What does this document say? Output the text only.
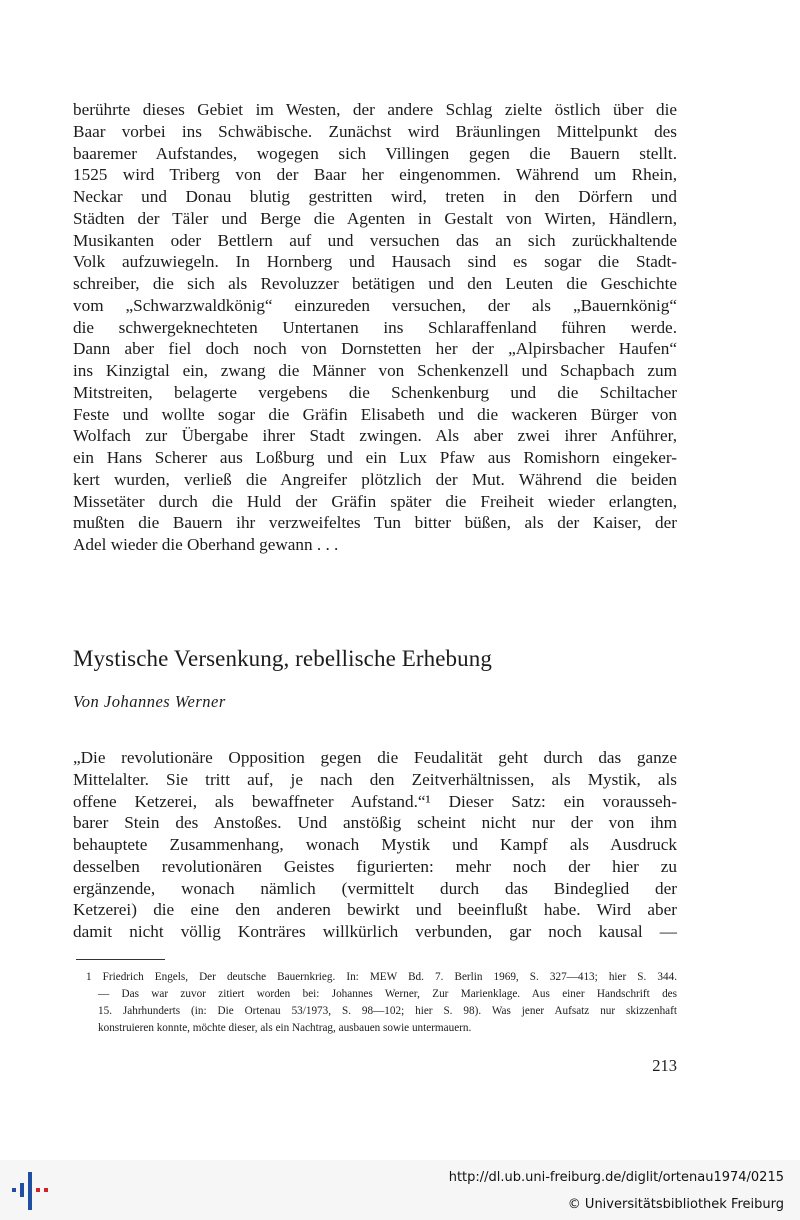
berührte dieses Gebiet im Westen, der andere Schlag zielte östlich über die
Baar vorbei ins Schwäbische. Zunächst wird Bräunlingen Mittelpunkt des
baaremer Aufstandes, wogegen sich Villingen gegen die Bauern stellt.
1525 wird Triberg von der Baar her eingenommen. Während um Rhein,
Neckar und Donau blutig gestritten wird, treten in den Dörfern und
Städten der Täler und Berge die Agenten in Gestalt von Wirten, Händlern,
Musikanten oder Bettlern auf und versuchen das an sich zurückhaltende
Volk aufzuwiegeln. In Hornberg und Hausach sind es sogar die Stadt-
schreiber, die sich als Revoluzzer betätigen und den Leuten die Geschichte
vom „Schwarzwaldkönig“ einzureden versuchen, der als „Bauernkönig“
die schwergeknechteten Untertanen ins Schlaraffenland führen werde.
Dann aber fiel doch noch von Dornstetten her der „Alpirsbacher Haufen“
ins Kinzigtal ein, zwang die Männer von Schenkenzell und Schapbach zum
Mitstreiten, belagerte vergebens die Schenkenburg und die Schiltacher
Feste und wollte sogar die Gräfin Elisabeth und die wackeren Bürger von
Wolfach zur Übergabe ihrer Stadt zwingen. Als aber zwei ihrer Anführer,
ein Hans Scherer aus Loßburg und ein Lux Pfaw aus Romishorn eingeker-
kert wurden, verließ die Angreifer plötzlich der Mut. Während die beiden
Missetäter durch die Huld der Gräfin später die Freiheit wieder erlangten,
mußten die Bauern ihr verzweifeltes Tun bitter büßen, als der Kaiser, der
Adel wieder die Oberhand gewann . . .
Mystische Versenkung, rebellische Erhebung

Von Johannes Werner

„Die revolutionäre Opposition gegen die Feudalität geht durch das ganze
Mittelalter. Sie tritt auf, je nach den Zeitverhältnissen, als Mystik, als
offene Ketzerei, als bewaffneter Aufstand.“¹ Dieser Satz: ein vorausseh-
barer Stein des Anstoßes. Und anstößig scheint nicht nur der von ihm
behauptete Zusammenhang, wonach Mystik und Kampf als Ausdruck
desselben revolutionären Geistes figurierten: mehr noch der hier zu
ergänzende, wonach nämlich (vermittelt durch das Bindeglied der
Ketzerei) die eine den anderen bewirkt und beeinflußt habe. Wird aber
damit nicht völlig Konträres willkürlich verbunden, gar noch kausal —
1 Friedrich Engels, Der deutsche Bauernkrieg. In: MEW Bd. 7. Berlin 1969, S. 327—413; hier S. 344.
— Das war zuvor zitiert worden bei: Johannes Werner, Zur Marienklage. Aus einer Handschrift des
15. Jahrhunderts (in: Die Ortenau 53/1973, S. 98—102; hier S. 98). Was jener Aufsatz nur skizzenhaft
konstruieren konnte, möchte dieser, als ein Nachtrag, ausbauen sowie untermauern.
213
http://dl.ub.uni-freiburg.de/diglit/ortenau1974/0215
© Universitätsbibliothek Freiburg
